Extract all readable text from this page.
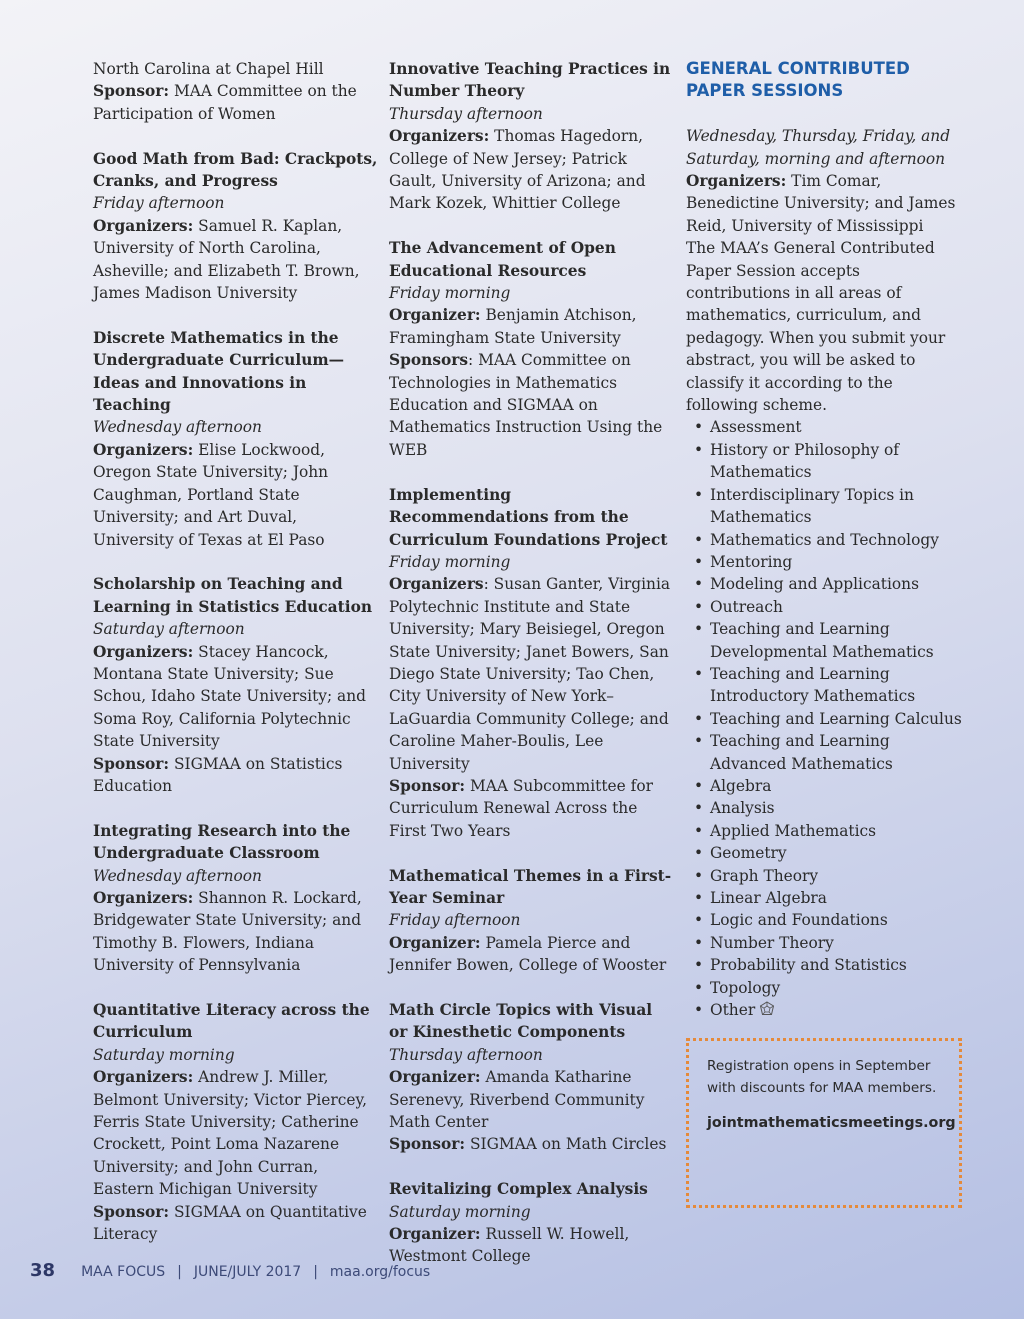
North Carolina at Chapel Hill
Sponsor: MAA Committee on the Participation of Women
Good Math from Bad: Crackpots, Cranks, and Progress
Friday afternoon
Organizers: Samuel R. Kaplan, University of North Carolina, Asheville; and Elizabeth T. Brown, James Madison University
Discrete Mathematics in the Undergraduate Curriculum—Ideas and Innovations in Teaching
Wednesday afternoon
Organizers: Elise Lockwood, Oregon State University; John Caughman, Portland State University; and Art Duval, University of Texas at El Paso
Scholarship on Teaching and Learning in Statistics Education
Saturday afternoon
Organizers: Stacey Hancock, Montana State University; Sue Schou, Idaho State University; and Soma Roy, California Polytechnic State University
Sponsor: SIGMAA on Statistics Education
Integrating Research into the Undergraduate Classroom
Wednesday afternoon
Organizers: Shannon R. Lockard, Bridgewater State University; and Timothy B. Flowers, Indiana University of Pennsylvania
Quantitative Literacy across the Curriculum
Saturday morning
Organizers: Andrew J. Miller, Belmont University; Victor Piercey, Ferris State University; Catherine Crockett, Point Loma Nazarene University; and John Curran, Eastern Michigan University
Sponsor: SIGMAA on Quantitative Literacy
Innovative Teaching Practices in Number Theory
Thursday afternoon
Organizers: Thomas Hagedorn, College of New Jersey; Patrick Gault, University of Arizona; and Mark Kozek, Whittier College
The Advancement of Open Educational Resources
Friday morning
Organizer: Benjamin Atchison, Framingham State University
Sponsors: MAA Committee on Technologies in Mathematics Education and SIGMAA on Mathematics Instruction Using the WEB
Implementing Recommendations from the Curriculum Foundations Project
Friday morning
Organizers: Susan Ganter, Virginia Polytechnic Institute and State University; Mary Beisiegel, Oregon State University; Janet Bowers, San Diego State University; Tao Chen, City University of New York–LaGuardia Community College; and Caroline Maher-Boulis, Lee University
Sponsor: MAA Subcommittee for Curriculum Renewal Across the First Two Years
Mathematical Themes in a First-Year Seminar
Friday afternoon
Organizer: Pamela Pierce and Jennifer Bowen, College of Wooster
Math Circle Topics with Visual or Kinesthetic Components
Thursday afternoon
Organizer: Amanda Katharine Serenevy, Riverbend Community Math Center
Sponsor: SIGMAA on Math Circles
Revitalizing Complex Analysis
Saturday morning
Organizer: Russell W. Howell, Westmont College
GENERAL CONTRIBUTED PAPER SESSIONS
Wednesday, Thursday, Friday, and Saturday, morning and afternoon
Organizers: Tim Comar, Benedictine University; and James Reid, University of Mississippi
The MAA’s General Contributed Paper Session accepts contributions in all areas of mathematics, curriculum, and pedagogy. When you submit your abstract, you will be asked to classify it according to the following scheme.
• Assessment
• History or Philosophy of Mathematics
• Interdisciplinary Topics in Mathematics
• Mathematics and Technology
• Mentoring
• Modeling and Applications
• Outreach
• Teaching and Learning Developmental Mathematics
• Teaching and Learning Introductory Mathematics
• Teaching and Learning Calculus
• Teaching and Learning Advanced Mathematics
• Algebra
• Analysis
• Applied Mathematics
• Geometry
• Graph Theory
• Linear Algebra
• Logic and Foundations
• Number Theory
• Probability and Statistics
• Topology
• Other
Registration opens in September with discounts for MAA members.
jointmathematicsmeetings.org
38 MAA FOCUS | JUNE/JULY 2017 | maa.org/focus
